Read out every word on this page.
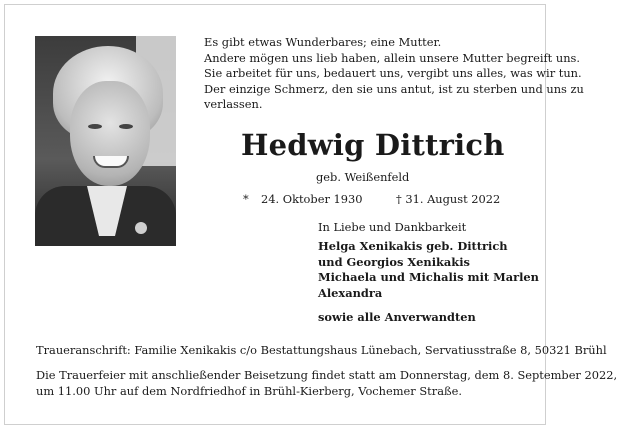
Es gibt etwas Wunderbares; eine Mutter.
Andere mögen uns lieb haben, allein unsere Mutter begreift uns.
Sie arbeitet für uns, bedauert uns, vergibt uns alles, was wir tun.
Der einzige Schmerz, den sie uns antut, ist zu sterben und uns zu
verlassen.
Hedwig Dittrich
geb. Weißenfeld
* 24. Oktober 1930	† 31. August 2022
In Liebe und Dankbarkeit
Helga Xenikakis geb. Dittrich
und Georgios Xenikakis
Michaela und Michalis mit Marlen
Alexandra
sowie alle Anverwandten
Traueranschrift: Familie Xenikakis c/o Bestattungshaus Lünebach, Servatiusstraße 8, 50321 Brühl
Die Trauerfeier mit anschließender Beisetzung findet statt am Donnerstag, dem 8. September 2022,
um 11.00 Uhr auf dem Nordfriedhof in Brühl-Kierberg, Vochemer Straße.
